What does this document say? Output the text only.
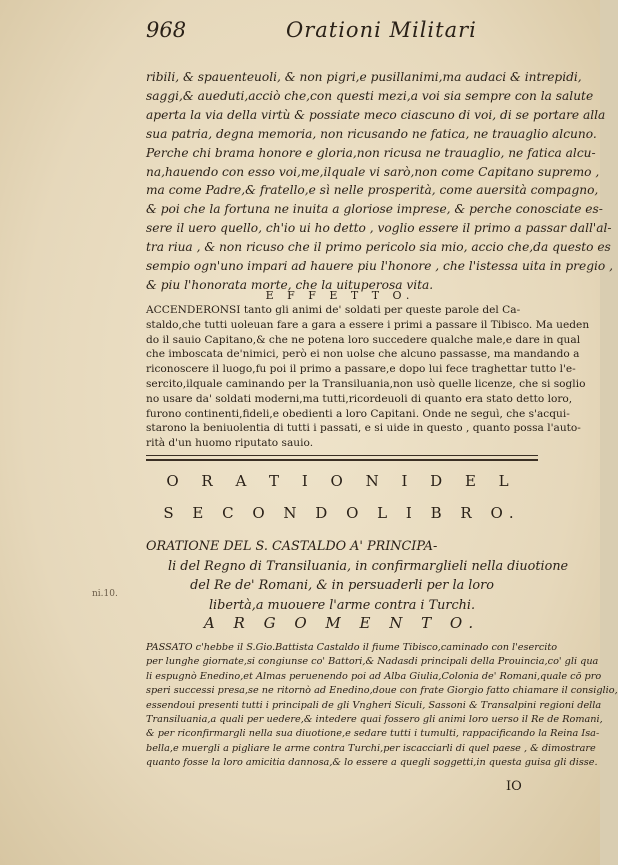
968	Orationi Militari
ribili, & spauenteuoli, & non pigri,e pusillanimi,ma audaci & intrepidi,
saggi,& aueduti,acciò che,con questi mezi,a voi sia sempre con la salute
aperta la via della virtù & possiate meco ciascuno di voi, di se portare alla
sua patria, degna memoria, non ricusando ne fatica, ne trauaglio alcuno.
Perche chi brama honore e gloria,non ricusa ne trauaglio, ne fatica alcu-
na,hauendo con esso voi,me,ilquale vi sarò,non come Capitano supremo ,
ma come Padre,& fratello,e sì nelle prosperità, come auersità compagno,
& poi che la fortuna ne inuita a gloriose imprese, & perche conosciate es-
sere il uero quello, ch'io ui ho detto , voglio essere il primo a passar dall'al-
tra riua , & non ricuso che il primo pericolo sia mio, accio che,da questo es
sempio ogn'uno impari ad hauere piu l'honore , che l'istessa uita in pregio ,
& piu l'honorata morte, che la uituperosa vita.
E F F E T T O.
ACCENDERONSI tanto gli animi de' soldati per queste parole del Ca-
staldo,che tutti uoleuan fare a gara a essere i primi a passare il Tibisco. Ma ueden
do il sauio Capitano,& che ne potena loro succedere qualche male,e dare in qual
che imboscata de'nimici, però ei non uolse che alcuno passasse, ma mandando a
riconoscere il luogo,fu poi il primo a passare,e dopo lui fece traghettar tutto l'e-
sercito,ilquale caminando per la Transiluania,non usò quelle licenze, che si soglio
no usare da' soldati moderni,ma tutti,ricordeuoli di quanto era stato detto loro,
furono continenti,fideli,e obedienti a loro Capitani. Onde ne seguì, che s'acqui-
starono la beniuolentia di tutti i passati, e si uide in questo , quanto possa l'auto-
rità d'un huomo riputato sauio.
O R A T I O N I D E L
S E C O N D O L I B R O.
ORATIONE DEL S. CASTALDO A' PRINCIPA-
li del Regno di Transiluania, in confirmarglieli nella diuotione
del Re de' Romani, & in persuaderli per la loro
libertà,a muouere l'arme contra i Turchi.
ni.10.
A R G O M E N T O.
PASSATO c'hebbe il S.Gio.Battista Castaldo il fiume Tibisco,caminado con l'esercito
per lunghe giornate,si congiunse co' Battori,& Nadasdi principali della Prouincia,co' gli qua
li espugnò Enedino,et Almas peruenendo poi ad Alba Giulia,Colonia de' Romani,quale cō pro
speri successi presa,se ne ritornò ad Enedino,doue con frate Giorgio fatto chiamare il consiglio,
essendoui presenti tutti i principali de gli Vngheri Siculi, Sassoni & Transalpini regioni della
Transiluania,a quali per uedere,& intedere quai fossero gli animi loro uerso il Re de Romani,
& per riconfirmargli nella sua diuotione,e sedare tutti i tumulti, rappacificando la Reina Isa-
bella,e muergli a pigliare le arme contra Turchi,per iscacciarli di quel paese , & dimostrare
quanto fosse la loro amicitia dannosa,& lo essere a quegli soggetti,in questa guisa gli disse.
IO
